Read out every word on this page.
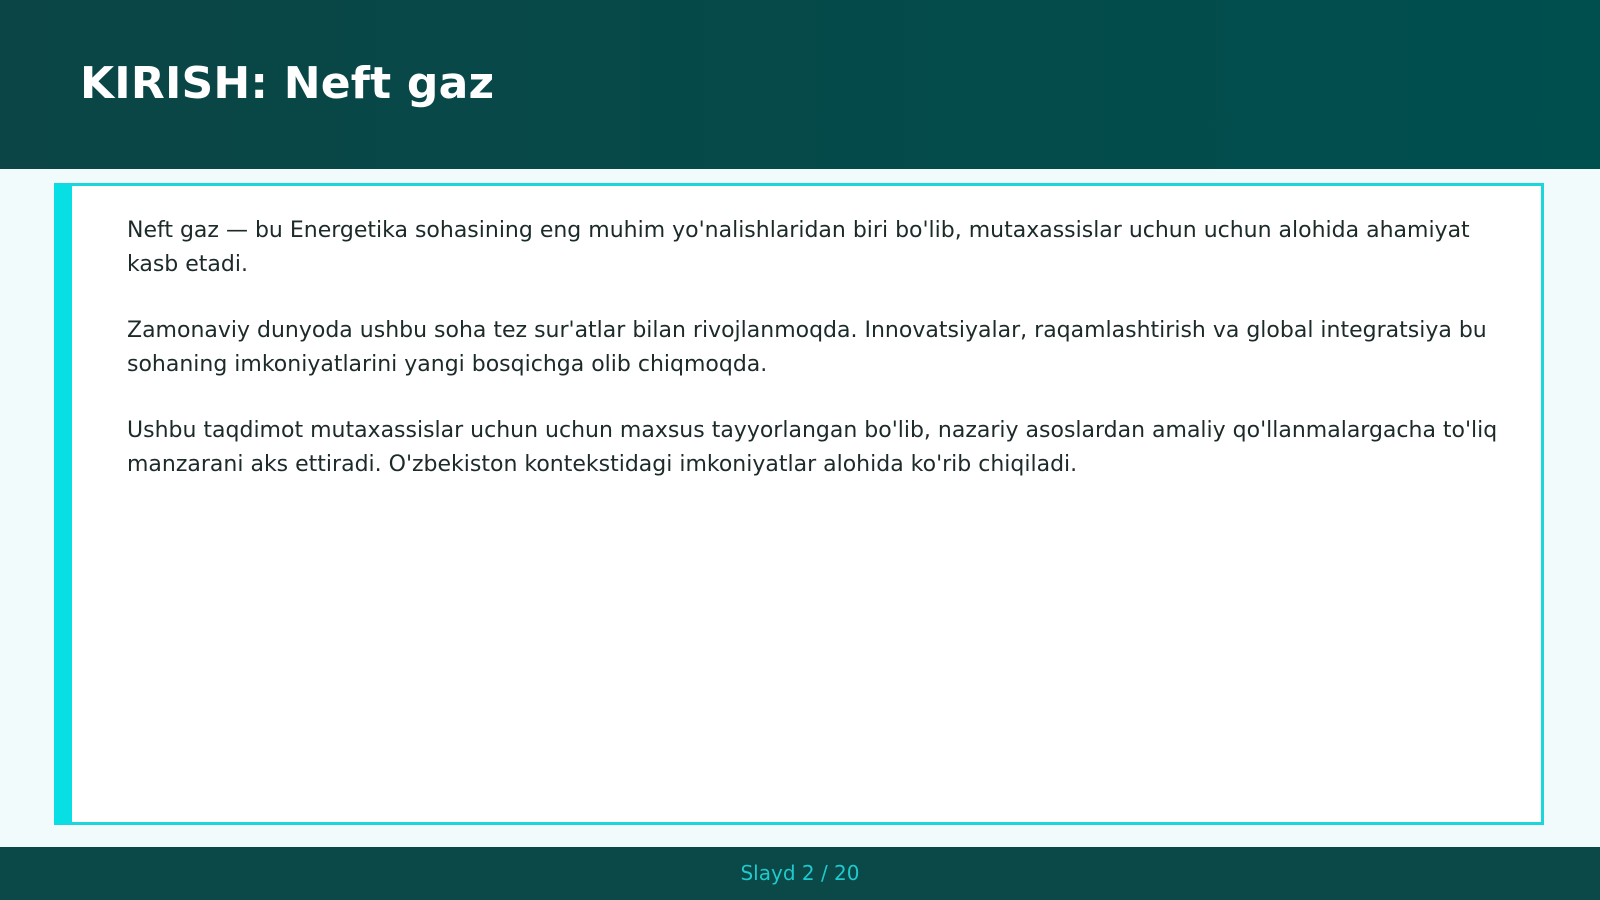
KIRISH: Neft gaz

Neft gaz — bu Energetika sohasining eng muhim yo'nalishlaridan biri bo'lib, mutaxassislar uchun uchun alohida ahamiyat kasb etadi.

Zamonaviy dunyoda ushbu soha tez sur'atlar bilan rivojlanmoqda. Innovatsiyalar, raqamlashtirish va global integratsiya bu sohaning imkoniyatlarini yangi bosqichga olib chiqmoqda.

Ushbu taqdimot mutaxassislar uchun uchun maxsus tayyorlangan bo'lib, nazariy asoslardan amaliy qo'llanmalargacha to'liq manzarani aks ettiradi. O'zbekiston kontekstidagi imkoniyatlar alohida ko'rib chiqiladi.

Slayd 2 / 20
